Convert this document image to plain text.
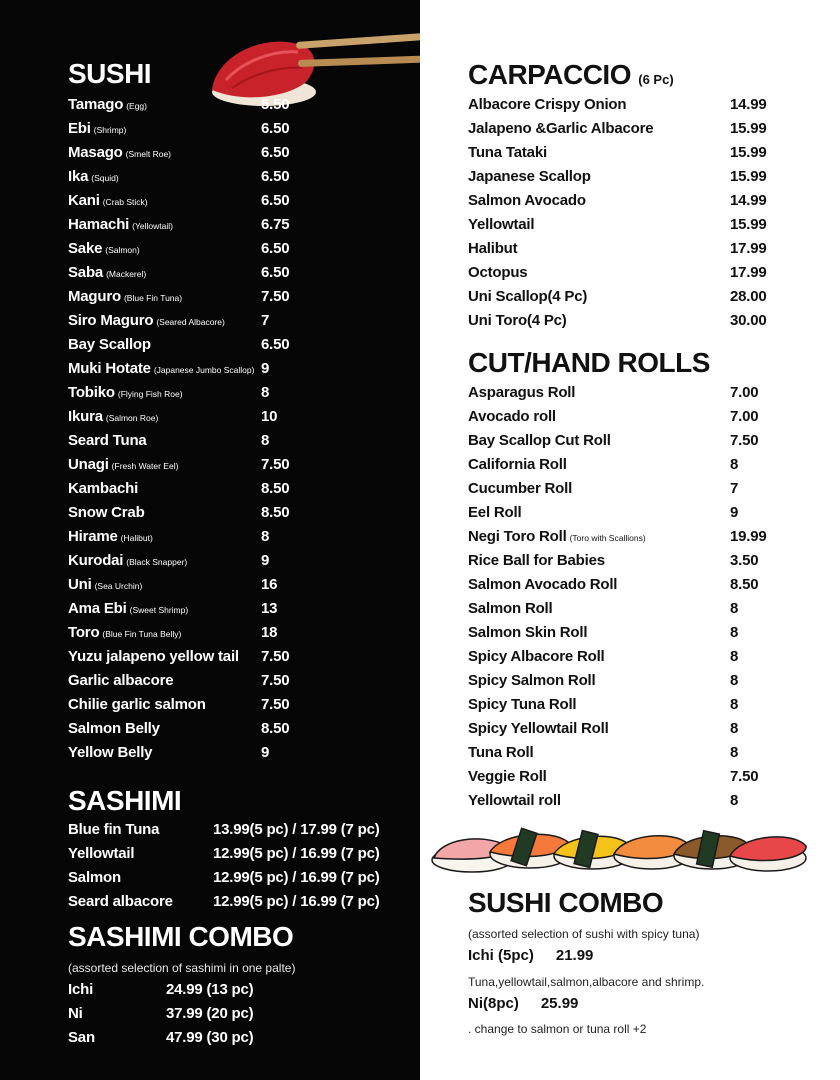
SUSHI
Tamago (Egg)	5.50
Ebi (Shrimp)	6.50
Masago (Smelt Roe)	6.50
Ika (Squid)	6.50
Kani (Crab Stick)	6.50
Hamachi (Yellowtail)	6.75
Sake (Salmon)	6.50
Saba (Mackerel)	6.50
Maguro (Blue Fin Tuna)	7.50
Siro Maguro (Seared Albacore) 7
Bay Scallop	6.50
Muki Hotate (Japanese Jumbo Scallop) 9
Tobiko (Flying Fish Roe)	8
Ikura (Salmon Roe)	10
Seard Tuna	8
Unagi (Fresh Water Eel)	7.50
Kambachi	8.50
Snow Crab	8.50
Hirame (Halibut)	8
Kurodai (Black Snapper)	9
Uni (Sea Urchin)	16
Ama Ebi (Sweet Shrimp)	13
Toro (Blue Fin Tuna Belly)	18
Yuzu jalapeno yellow tail 7.50
Garlic albacore	7.50
Chilie garlic salmon	7.50
Salmon Belly	8.50
Yellow Belly	9
SASHIMI
Blue fin Tuna	13.99(5 pc) / 17.99 (7 pc)
Yellowtail	12.99(5 pc) / 16.99 (7 pc)
Salmon	12.99(5 pc) / 16.99 (7 pc)
Seard albacore	12.99(5 pc) / 16.99 (7 pc)
SASHIMI COMBO
(assorted selection of sashimi in one palte)
Ichi	24.99 (13 pc)
Ni	37.99 (20 pc)
San	47.99 (30 pc)
CARPACCIO (6 Pc)
Albacore Crispy Onion	14.99
Jalapeno &Garlic Albacore	15.99
Tuna Tataki	15.99
Japanese Scallop	15.99
Salmon Avocado	14.99
Yellowtail	15.99
Halibut	17.99
Octopus	17.99
Uni Scallop(4 Pc)	28.00
Uni Toro(4 Pc)	30.00
CUT/HAND ROLLS
Asparagus Roll	7.00
Avocado roll	7.00
Bay Scallop Cut Roll	7.50
California Roll	8
Cucumber Roll	7
Eel Roll	9
Negi Toro Roll (Toro with Scallions)	19.99
Rice Ball for Babies	3.50
Salmon Avocado Roll	8.50
Salmon Roll	8
Salmon Skin Roll	8
Spicy Albacore Roll	8
Spicy Salmon Roll	8
Spicy Tuna Roll	8
Spicy Yellowtail Roll	8
Tuna Roll	8
Veggie Roll	7.50
Yellowtail roll	8
SUSHI COMBO
(assorted selection of sushi with spicy tuna)
Ichi (5pc) 21.99
Tuna,yellowtail,salmon,albacore and shrimp.
Ni(8pc) 25.99
. change to salmon or tuna roll +2
